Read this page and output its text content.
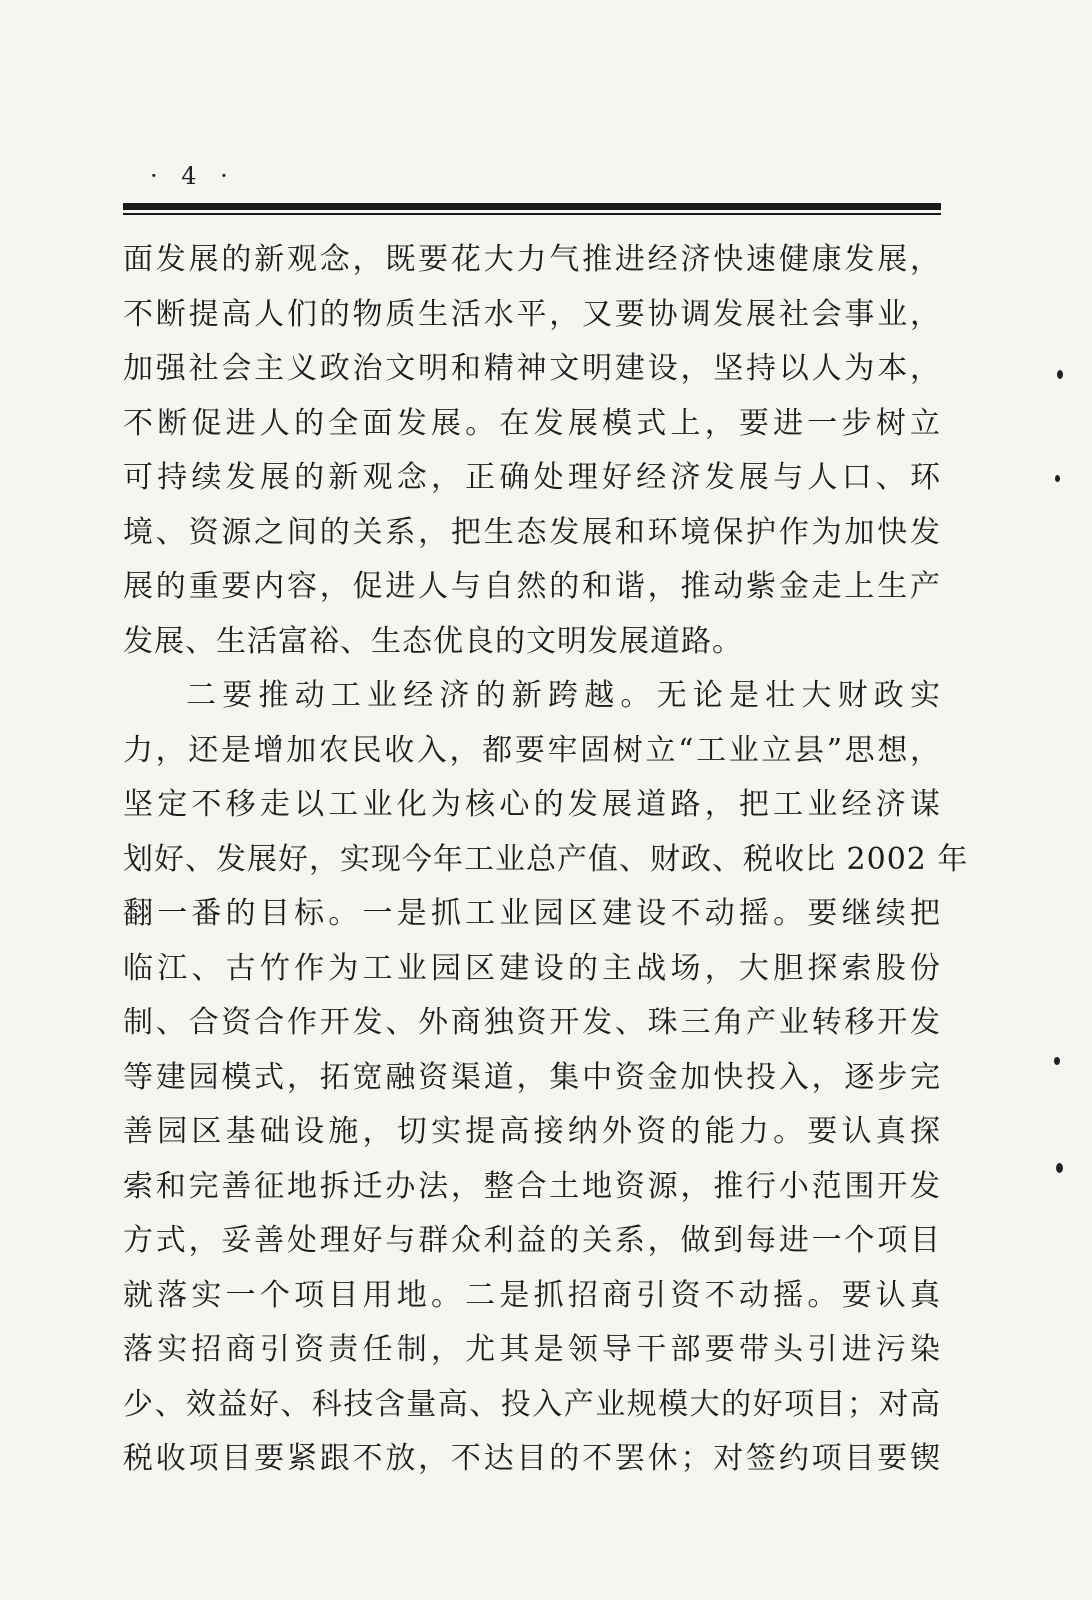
· 4 ·
面发展的新观念，既要花大力气推进经济快速健康发展，
不断提高人们的物质生活水平，又要协调发展社会事业，
加强社会主义政治文明和精神文明建设，坚持以人为本，
不断促进人的全面发展。在发展模式上，要进一步树立
可持续发展的新观念，正确处理好经济发展与人口、环
境、资源之间的关系，把生态发展和环境保护作为加快发
展的重要内容，促进人与自然的和谐，推动紫金走上生产
发展、生活富裕、生态优良的文明发展道路。
二要推动工业经济的新跨越。无论是壮大财政实
力，还是增加农民收入，都要牢固树立“工业立县”思想，
坚定不移走以工业化为核心的发展道路，把工业经济谋
划好、发展好，实现今年工业总产值、财政、税收比 2002 年
翻一番的目标。一是抓工业园区建设不动摇。要继续把
临江、古竹作为工业园区建设的主战场，大胆探索股份
制、合资合作开发、外商独资开发、珠三角产业转移开发
等建园模式，拓宽融资渠道，集中资金加快投入，逐步完
善园区基础设施，切实提高接纳外资的能力。要认真探
索和完善征地拆迁办法，整合土地资源，推行小范围开发
方式，妥善处理好与群众利益的关系，做到每进一个项目
就落实一个项目用地。二是抓招商引资不动摇。要认真
落实招商引资责任制，尤其是领导干部要带头引进污染
少、效益好、科技含量高、投入产业规模大的好项目；对高
税收项目要紧跟不放，不达目的不罢休；对签约项目要锲
